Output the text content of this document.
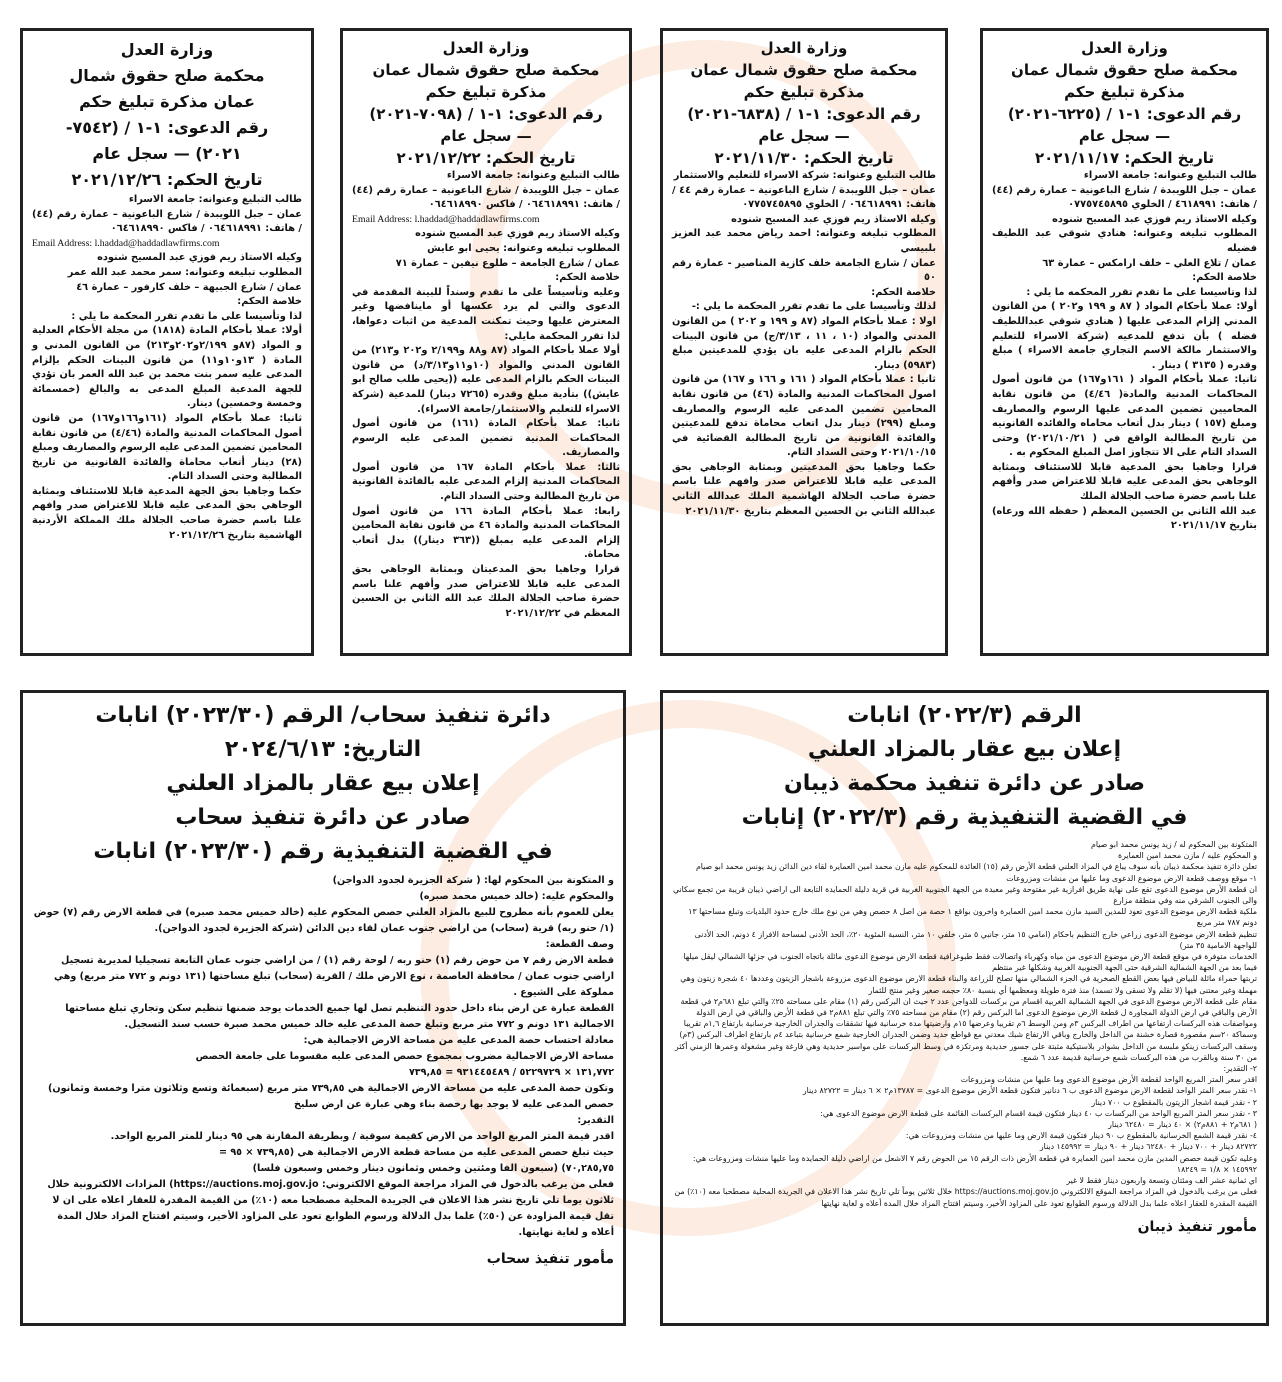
وزارة العدل
محكمة صلح حقوق شمال عمان
مذكرة تبليغ حكم
رقم الدعوى: ١-١ / (٦٢٢٥-٢٠٢١)
— سجل عام
تاريخ الحكم: ٢٠٢١/١١/١٧

طالب التبليغ وعنوانه: جامعة الاسراء

عمان – جبل اللويبدة / شارع الباعونية – عمارة رقم (٤٤) / هاتف: ٤٦١٨٩٩١ / الخلوي ٠٧٧٥٧٤٥٨٩٥

وكيله الاستاذ ريم فوزي عبد المسيح شنوده

المطلوب تبليغه وعنوانه: هنادي شوقي عبد اللطيف فضيله

عمان / تلاع العلي – خلف ارامكس – عمارة ٦٣

خلاصة الحكم:

لذا وتاسيسا على ما تقدم تقرر المحكمه ما يلي :

أولا: عملا بأحكام المواد ( ٨٧ و ١٩٩ و٢٠٢ ) من القانون المدني إلزام المدعى عليها ( هنادي شوقي عبداللطيف فضله ) بأن تدفع للمدعيه (شركة الاسراء للتعليم والاستثمار مالكة الاسم التجاري جامعة الاسراء ) مبلغ وقدره ( ٣١٣٥ ) دينار .

ثانيا: عملا بأحكام المواد ( ١٦١و١٦٧) من قانون أصول المحاكمات المدنية والمادة( ٤/٤٦) من قانون نقابة المحاميين تضمين المدعى عليها الرسوم والمصاريف ومبلغ (١٥٧ ) دينار بدل أتعاب محاماه والفائده القانونيه من تاريخ المطالبة الواقع في ( ٢٠٢١/١٠/٢١) وحتى السداد التام على الا تتجاوز اصل المبلغ المحكوم به .

قرارا وجاهيا بحق المدعية قابلا للاستئناف وبمثابة الوجاهي بحق المدعى عليه قابلا للاعتراض صدر وأفهم علنا باسم حضرة صاحب الجلالة الملك

عبد الله الثاني بن الحسين المعظم ( حفظه الله ورعاه) بتاريخ ٢٠٢١/١١/١٧

وزارة العدل
محكمة صلح حقوق شمال عمان
مذكرة تبليغ حكم
رقم الدعوى: ١-١ / (٦٨٣٨-٢٠٢١)
— سجل عام
تاريخ الحكم: ٢٠٢١/١١/٣٠

طالب التبليغ وعنوانه: شركة الاسراء للتعليم والاستثمار

عمان – جبل اللويبدة / شارع الباعونية – عمارة رقم ٤٤ / هاتف: ٠٦٤٦١٨٩٩١ / الخلوي ٠٧٧٥٧٤٥٨٩٥

وكيله الاستاذ ريم فوزي عبد المسيح شنوده

المطلوب تبليغه وعنوانه: احمد رياض محمد عبد العزيز بلبيسي

عمان / شارع الجامعة خلف كازية المناصير - عمارة رقم ٥٠

خلاصة الحكم:

لذلك وتأسيسا على ما تقدم تقرر المحكمة ما يلي :-

اولا : عملا بأحكام المواد (٨٧ و ١٩٩ و ٢٠٢ ) من القانون المدني والمواد (١٠ ، ١١ ، ٣/١٣/ج) من قانون البينات الحكم بالزام المدعى عليه بان يؤدي للمدعيتين مبلغ (٥٩٨٣) دينار.

ثانيا : عملا بأحكام المواد ( ١٦١ و ١٦٦ و ١٦٧) من قانون اصول المحاكمات المدنية والمادة (٤٦) من قانون نقابة المحامين تضمين المدعى عليه الرسوم والمصاريف ومبلغ (٢٩٩) دينار بدل اتعاب محاماة تدفع للمدعيتين والفائدة القانونية من تاريخ المطالبة القضائية في ٢٠٢١/١٠/١٥ وحتى السداد التام.

حكما وجاهيا بحق المدعيتين وبمثابة الوجاهي بحق المدعى عليه قابلا للاعتراض صدر وافهم علنا باسم حضرة صاحب الجلالة الهاشمية الملك عبدالله الثاني عبدالله الثاني بن الحسين المعظم بتاريخ ٢٠٢١/١١/٣٠

وزارة العدل
محكمة صلح حقوق شمال عمان
مذكرة تبليغ حكم
رقم الدعوى: ١-١ / (٧٠٩٨-٢٠٢١)
— سجل عام
تاريخ الحكم: ٢٠٢١/١٢/٢٢

طالب التبليغ وعنوانه: جامعة الاسراء

عمان – جبل اللويبدة / شارع الباعونية – عمارة رقم (٤٤) / هاتف: ٠٦٤٦١٨٩٩١ / فاكس ٠٦٤٦١٨٩٩٠

Email Address: l.haddad@haddadlawfirms.com

وكيله الاستاذ ريم فوزي عبد المسيح شنوده

المطلوب تبليغه وعنوانه: يحيى ابو عايش

عمان / شارع الجامعة – طلوع نيفين – عمارة ٧١

خلاصة الحكم:

وعليه وتأسيساً على ما تقدم وسنداً للبينة المقدمة في الدعوى والتي لم يرد عكسها أو ماينافضها وغير المعترض عليها وحيث تمكنت المدعية من اثبات دعواها، لذا تقرر المحكمة مايلي:

أولا عملا بأحكام المواد (٨٧ و٨٨ و٢/١٩٩ و٢٠٢ و٢١٣) من القانون المدني والمواد (١٠و١١و٣/١٣/د) من قانون البينات الحكم بالزام المدعى عليه ((يحيى طلب صالح ابو عايش)) بتأدية مبلغ وقدره (٧٢٦٥ دينار) للمدعية (شركة الاسراء للتعليم والاستثمار/جامعة الاسراء).

ثانيا: عملا بأحكام المادة (١٦١) من قانون أصول المحاكمات المدنية تضمين المدعى عليه الرسوم والمصاريف.

ثالثا: عملا بأحكام المادة ١٦٧ من قانون أصول المحاكمات المدنية إلزام المدعى عليه بالفائدة القانونية من تاريخ المطالبة وحتى السداد التام.

رابعا: عملا بأحكام المادة ١٦٦ من قانون أصول المحاكمات المدنية والمادة ٤٦ من قانون نقابة المحامين إلزام المدعى عليه بمبلغ ((٣٦٣ دينار)) بدل أتعاب محاماة.

قرارا وجاهيا بحق المدعيتان وبمثابة الوجاهي بحق المدعى عليه قابلا للاعتراض صدر وأفهم علنا باسم حضرة صاحب الجلالة الملك عبد الله الثاني بن الحسين المعظم في ٢٠٢١/١٢/٢٢

وزارة العدل
محكمة صلح حقوق شمال
عمان مذكرة تبليغ حكم
رقم الدعوى: ١-١ / (٧٥٤٢-
٢٠٢١) — سجل عام
تاريخ الحكم: ٢٠٢١/١٢/٢٦

طالب التبليغ وعنوانه: جامعة الاسراء

عمان – جبل اللويبدة / شارع الباعونية – عمارة رقم (٤٤) / هاتف: ٠٦٤٦١٨٩٩١ / فاكس ٠٦٤٦١٨٩٩٠

Email Address: l.haddad@haddadlawfirms.com

وكيله الاستاذ ريم فوزي عبد المسيح شنوده

المطلوب تبليغه وعنوانه: سمر محمد عبد الله عمر

عمان / شارع الجبيهة – خلف كارفور – عمارة ٤٦

خلاصة الحكم:

لذا وتأسيسا على ما تقدم تقرر المحكمة ما يلي :

أولا: عملا بأحكام المادة (١٨١٨) من مجلة الأحكام العدلية و المواد (٨٧و ٢/١٩٩و٢٠٢و٢١٣) من القانون المدني و المادة ( ١٣و١٠و١١) من قانون البينات الحكم بإلزام المدعى عليه سمر بنت محمد بن عبد الله العمر بان تؤدي للجهة المدعية المبلغ المدعى به والبالغ (خمسمائة وخمسة وخمسين) دينار.

ثانيا: عملا بأحكام المواد (١٦١و١٦٦و١٦٧) من قانون أصول المحاكمات المدنية والمادة (٤/٤٦) من قانون نقابة المحامين تضمين المدعى عليه الرسوم والمصاريف ومبلغ (٢٨) دينار أتعاب محاماة والفائدة القانونية من تاريخ المطالبة وحتى السداد التام.

حكما وجاهيا بحق الجهة المدعية قابلا للاستئناف وبمثابة الوجاهي بحق المدعى عليه قابلا للاعتراض صدر وافهم علنا باسم حضرة صاحب الجلالة ملك المملكة الأردنية الهاشمية بتاريخ ٢٠٢١/١٢/٢٦

الرقم (٢٠٢٢/٣) انابات
إعلان بيع عقار بالمزاد العلني
صادر عن دائرة تنفيذ محكمة ذيبان
في القضية التنفيذية رقم (٢٠٢٢/٣) إنابات

المتكونة بين المحكوم له / زيد يونس محمد ابو صيام

و المحكوم عليه / مازن محمد امين العمايرة

تعلن دائرة تنفيذ محكمة ذيبان بأنه سوف يباع في المزاد العلني قطعة الأرض رقم (١٥) العائدة للمحكوم عليه مازن محمد امين العمايرة لقاء دين الدائن زيد يونس محمد ابو صيام

١- موقع ووصف قطعة الارض موضوع الدعوى وما عليها من منشات ومزروعات

ان قطعة الأرض موضوع الدعوى تقع على نهاية طريق افرازية غير مفتوحة وغير معبدة من الجهة الجنوبية الغربية في قرية دليلة الحمايدة التابعة الى اراضي ذيبان قريبة من تجمع سكاني والى الجنوب الشرقي منه وفي منطقة مزارع

ملكية قطعة الارض موضوع الدعوى تعود للمدين السيد مازن محمد امين العمايرة واخرون بواقع ١ حصة من اصل ٨ حصص وهي من نوع ملك خارج حدود البلديات وتبلغ مساحتها ١٣ دونم ٧٨٧ متر مربع

تنظيم قطعة الارض موضوع الدعوى زراعي خارج التنظيم باحكام (امامي ١٥ متر، جانبي ٥ متر، خلفي ١٠ متر، النسبة المئوية ٢٠٪، الحد الأدنى لمساحة الافراز ٤ دونم، الحد الأدنى للواجهة الامامية ٣٥ متر)

الخدمات متوفرة في موقع قطعة الارض موضوع الدعوى من مياه وكهرباء واتصالات فقط طبوغرافية قطعة الارض موضوع الدعوى مائلة باتجاه الجنوب في جزئها الشمالي ليقل ميلها فيما بعد من الجهة الشمالية الشرقية حتى الجهة الجنوبية الغربية وشكلها غير منتظم

تربتها حمراء مائلة للبياض فيها بعض القطع الصخرية في الجزء الشمالي منها تصلح للزراعة والبناء قطعة الارض موضوع الدعوى مزروعة باشجار الزيتون وعددها ٤٠ شجرة زيتون وهي مهملة وغير معتنى فيها (لا تقلم ولا تسقى ولا تسمد) منذ فترة طويلة ومعظمها أي بنسبة ٨٠٪ حجمه صغير وغير منتج للثمار

مقام على قطعة الارض موضوع الدعوى في الجهة الشمالية الغربية اقسام من بركسات للدواجن عدد ٢ حيث ان البركس رقم (١) مقام على مساحته ٢٥٪ والتي تبلغ ٦٨١م٢ في قطعة الأرض والباقي في ارض الدولة المجاورة ل قطعة الارض موضوع الدعوى اما البركس رقم (٢) مقام من مساحته ٧٥٪ والتي تبلغ ٨٨١م٢ في قطعة الأرض والباقي في ارض الدولة ومواصفات هذه البركسات ارتفاعها من اطراف البركس ٣م ومن الوسط ٦م تقريبا وعرضها ١٥م وارضيتها مدة خرسانية فيها تشققات والجدران الخارجية خرسانية بارتفاع ١,٦م تقريبا وسماكة ٢٠سم مقصورة قصارة خشنة من الداخل والخارج وباقي الارتفاع شبك معدني مع قواطع حديد وضمن الجدران الخارجية شمع خرسانية بتباعد ٤م بارتفاع اطراف البركس (٣م) وسقف البركسات زينكو ملبسة من الداخل بشوادر بلاستيكية مثبتة على جسور حديدية ومرتكزة في وسط البركسات على مواسير حديدية وهي فارغة وغير مشغولة وعمرها الزمني أكثر من ٣٠ سنة وبالقرب من هذه البركسات شمع خرسانية قديمة عدد ٦ شمع.

٢- التقدير:

اقدر سعر المتر المربع الواحد لقطعة الأرض موضوع الدعوى وما عليها من منشات ومزروعات

١- نقدر سعر المتر الواحد لقطعة الارض موضوع الدعوى ب ٦ دنانير فتكون قطعة الأرض موضوع الدعوى = ١٣٧٨٧م٢ × ٦ دينار = ٨٢٧٢٢ دينار

٢ - نقدر قيمة اشجار الزيتون بالمقطوع ب ٧٠٠ دينار

٣ - نقدر سعر المتر المربع الواحد من البركسات ب ٤٠ دينار فتكون قيمة اقسام البركسات القائمة على قطعة الارض موضوع الدعوى هي:

( ٦٨١م٢ + ٨٨١م٢) × ٤٠ دينار = ٦٢٤٨٠ دينار

٤- نقدر قيمة الشمع الخرسانية بالمقطوع ب ٩٠ دينار فتكون قيمة الارض وما عليها من منشات ومزروعات هي:

٨٢٧٢٢ دينار + ٧٠٠ دينار + ٦٢٤٨٠ دينار + ٩٠ دينار = ١٤٥٩٩٢ دينار

وعليه تكون قيمة حصص المدين مازن محمد امين العمايرة في قطعة الأرض ذات الرقم ١٥ من الحوض رقم ٧ الاشعل من اراضي دليلة الحمايدة وما عليها منشات ومزروعات هي: ١٤٥٩٩٢ × ١/٨ = ١٨٢٤٩

اي ثمانية عشر الف ومئتان وتسعة واربعون دينار فقط لا غير

فعلى من يرغب بالدخول في المزاد مراجعة الموقع الالكتروني https://auctions.moj.gov.jo خلال ثلاثين يوماً تلي تاريخ نشر هذا الاعلان في الجريدة المحلية مصطحبا معه (١٠٪) من القيمة المقدرة للعقار اعلاه علما بدل الدلالة ورسوم الطوابع تعود على المزاود الأخير، وسيتم افتتاح المزاد خلال المدة أعلاه و لغاية نهايتها

مأمور تنفيذ ذيبان
دائرة تنفيذ سحاب/ الرقم (٢٠٢٣/٣٠) انابات
التاريخ: ٢٠٢٤/٦/١٣
إعلان بيع عقار بالمزاد العلني
صادر عن دائرة تنفيذ سحاب
في القضية التنفيذية رقم (٢٠٢٣/٣٠) انابات

و المتكونة بين المحكوم لها: ( شركة الجزيرة لجدود الدواجن)

والمحكوم عليه: (خالد خميس محمد صبره)

يعلن للعموم بأنه مطروح للبيع بالمزاد العلني حصص المحكوم عليه (خالد خميس محمد صبره) في قطعة الارض رقم (٧) حوض (١/ حنو ربه) قرية (سحاب) من اراضي جنوب عمان لقاء دين الدائن (شركة الجزيرة لجدود الدواجن).

وصف القطعة:

قطعة الارض رقم ٧ من حوض رقم (١) حنو ربه / لوحة رقم (١) / من اراضي جنوب عمان التابعة تسجيليا لمديرية تسجيل اراضي جنوب عمان / محافظة العاصمة ، نوع الارض ملك / القرية (سحاب) تبلغ مساحتها (١٣١ دونم و ٧٧٢ متر مربع) وهي مملوكة على الشيوع .

القطعة عبارة عن ارض بناء داخل حدود التنظيم تصل لها جميع الخدمات يوجد ضمنها تنظيم سكن وتجاري تبلغ مساحتها الاجمالية ١٣١ دونم و ٧٧٢ متر مربع وتبلغ حصة المدعى عليه خالد خميس محمد صبرة حسب سند التسجيل.

معادلة احتساب حصة المدعى عليه من مساحة الارض الاجمالية هي:

مساحة الارض الاجمالية مضروب بمجموع حصص المدعى عليه مقسوما على جامعة الحصص

١٣١,٧٧٢ × ٥٢٢٩٧٢٩ / ٩٣١٤٤٥٤٨٩ = ٧٣٩,٨٥

وتكون حصة المدعى عليه من مساحة الارض الاجمالية هي ٧٣٩,٨٥ متر مربع (سبعمائة وتسع وثلاثون مترا وخمسة وثمانون)

حصص المدعى عليه لا يوجد بها رخصة بناء وهي عبارة عن ارض سليخ

التقدير:

اقدر قيمة المتر المربع الواحد من الارض كقيمة سوقية / وبطريقة المقارنة هي ٩٥ دينار للمتر المربع الواحد.

حيث تبلغ حصص المدعى عليه من مساحة قطعة الارض الاجمالية هي (٧٣٩,٨٥ × ٩٥ =

٧٠,٢٨٥,٧٥) (سبعون الفا ومئتين وخمس وثمانون دينار وخمس وسبعون فلسا)

فعلى من يرغب بالدخول في المزاد مراجعة الموقع الالكتروني: https://auctions.moj.gov.jo) المزادات الالكترونية خلال ثلاثون يوما تلي تاريخ نشر هذا الاعلان في الجريدة المحلية مصطحبا معه (١٠٪) من القيمة المقدرة للعقار اعلاه على ان لا تقل قيمة المزاودة عن (٥٠٪) علما بدل الدلالة ورسوم الطوابع تعود على المزاود الأخير، وسيتم افتتاح المزاد خلال المدة أعلاه و لغاية نهايتها.

مأمور تنفيذ سحاب
